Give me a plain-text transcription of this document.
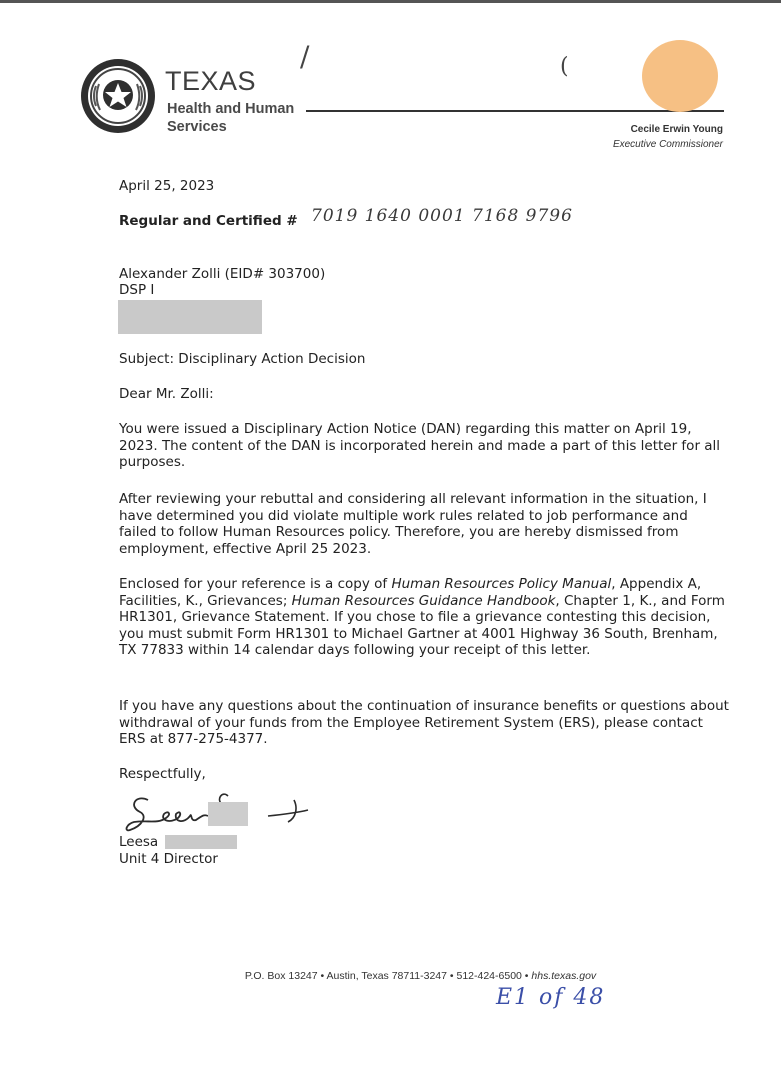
TEXAS
Health and Human
Services
/	(
Cecile Erwin Young
Executive Commissioner
April 25, 2023
Regular and Certified # 7019 1640 0001 7168 9796
Alexander Zolli (EID# 303700)
DSP I
Subject: Disciplinary Action Decision
Dear Mr. Zolli:
You were issued a Disciplinary Action Notice (DAN) regarding this matter on April 19, 2023. The content of the DAN is incorporated herein and made a part of this letter for all purposes.
After reviewing your rebuttal and considering all relevant information in the situation, I have determined you did violate multiple work rules related to job performance and failed to follow Human Resources policy. Therefore, you are hereby dismissed from employment, effective April 25 2023.
Enclosed for your reference is a copy of Human Resources Policy Manual, Appendix A, Facilities, K., Grievances; Human Resources Guidance Handbook, Chapter 1, K., and Form HR1301, Grievance Statement. If you chose to file a grievance contesting this decision, you must submit Form HR1301 to Michael Gartner at 4001 Highway 36 South, Brenham, TX 77833 within 14 calendar days following your receipt of this letter.
If you have any questions about the continuation of insurance benefits or questions about withdrawal of your funds from the Employee Retirement System (ERS), please contact ERS at 877-275-4377.
Respectfully,
Leesa
Unit 4 Director
P.O. Box 13247 • Austin, Texas 78711-3247 • 512-424-6500 • hhs.texas.gov
E1 of 48
